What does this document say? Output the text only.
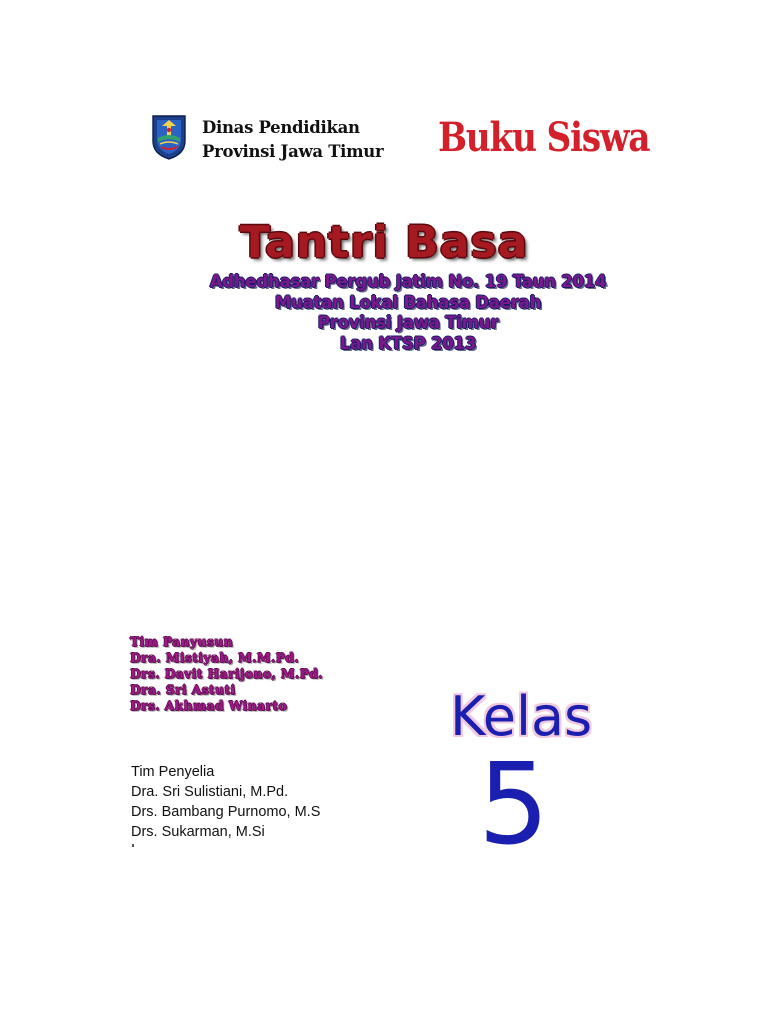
Dinas Pendidikan
Provinsi Jawa Timur Buku Siswa
Tantri Basa
Adhedhasar Pergub Jatim No. 19 Taun 2014
Muatan Lokal Bahasa Daerah
Provinsi Jawa Timur
Lan KTSP 2013
Tim Panyusun
Dra. Mistiyah, M.M.Pd.
Drs. Davit Harijono, M.Pd.
Dra. Sri Astuti
Drs. Akhmad Winarto
Tim Penyelia
Dra. Sri Sulistiani, M.Pd.
Drs. Bambang Purnomo, M.S
Drs. Sukarman, M.Si
Kelas
5
